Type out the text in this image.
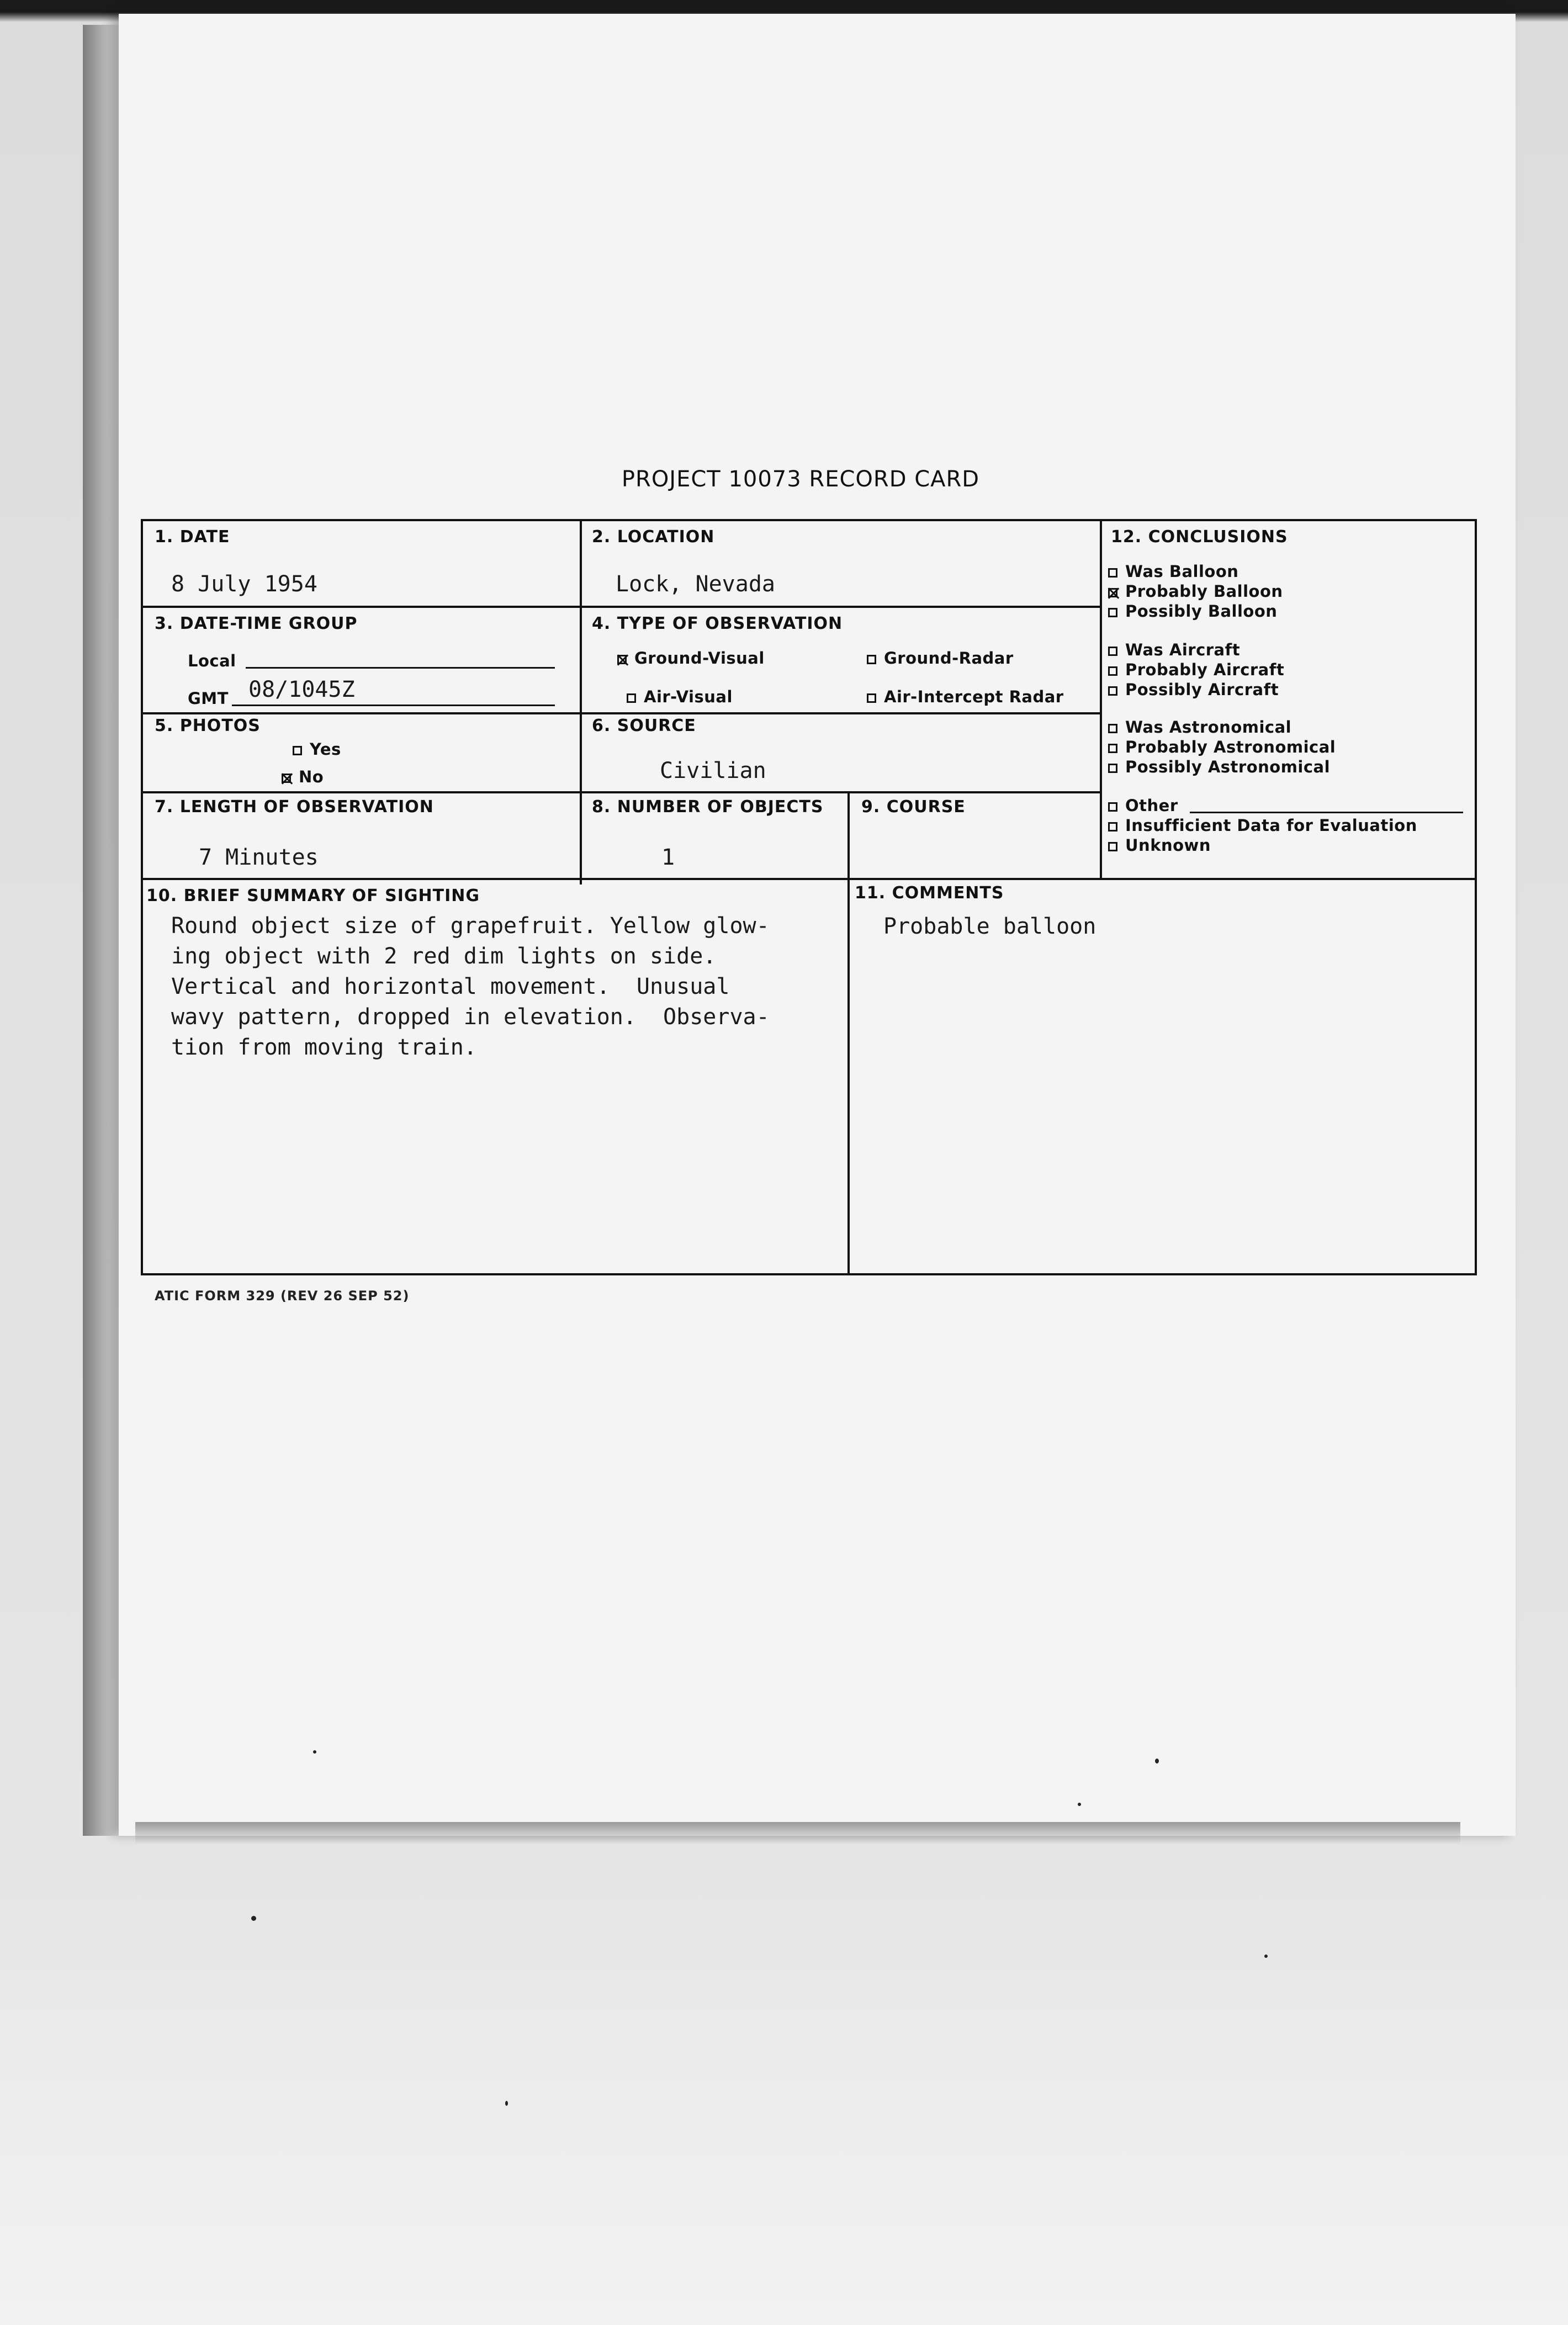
PROJECT 10073 RECORD CARD
1. DATE
8 July 1954
2. LOCATION
Lock, Nevada
3. DATE-TIME GROUP
Local
GMT 08/1045Z
4. TYPE OF OBSERVATION
Ground-Visual	Ground-Radar
Air-Visual	Air-Intercept Radar
5. PHOTOS
Yes
No
6. SOURCE
Civilian
7. LENGTH OF OBSERVATION
7 Minutes
8. NUMBER OF OBJECTS
1
9. COURSE
10. BRIEF SUMMARY OF SIGHTING
Round object size of grapefruit. Yellow glow-
ing object with 2 red dim lights on side.
Vertical and horizontal movement.  Unusual
wavy pattern, dropped in elevation.  Observa-
tion from moving train.
11. COMMENTS
Probable balloon
12. CONCLUSIONS
Was Balloon
Probably Balloon
Possibly Balloon
Was Aircraft
Probably Aircraft
Possibly Aircraft
Was Astronomical
Probably Astronomical
Possibly Astronomical
Other
Insufficient Data for Evaluation
Unknown
ATIC FORM 329 (REV 26 SEP 52)
